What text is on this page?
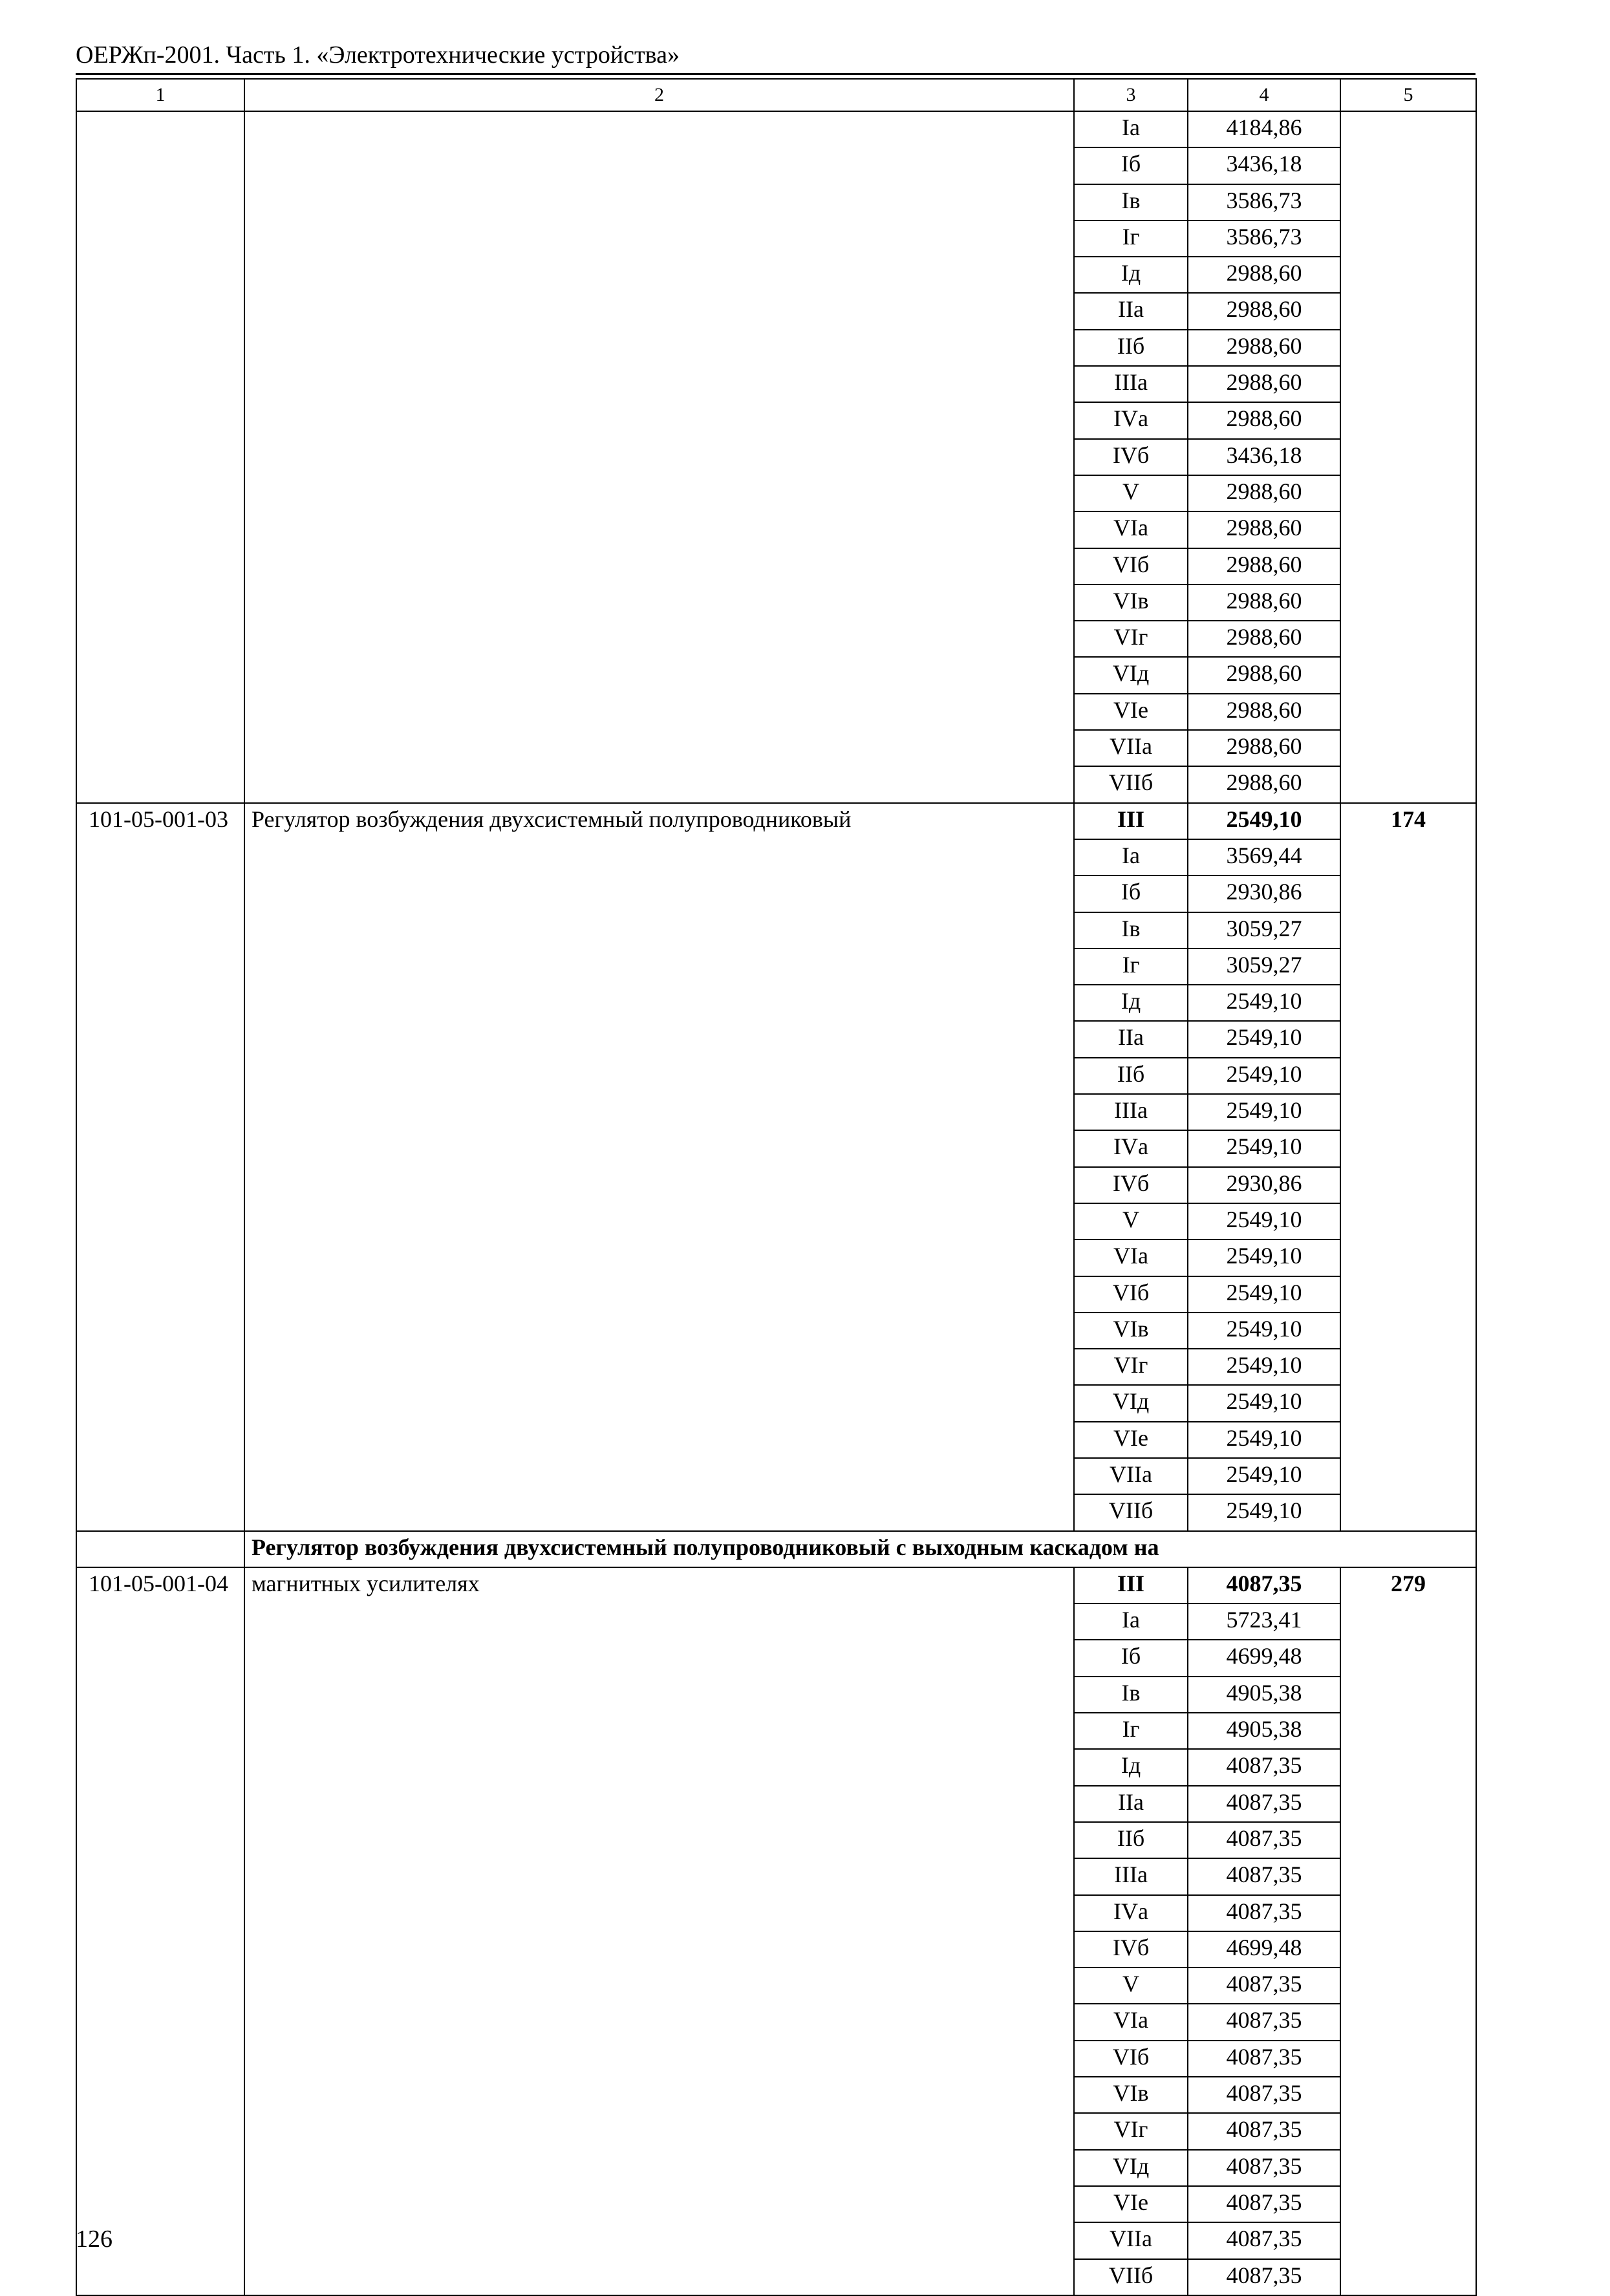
ОЕРЖп-2001. Часть 1. «Электротехнические устройства»
1	2	3	4	5
		Iа	4184,86	
		Iб	3436,18	
		Iв	3586,73	
		Iг	3586,73	
		Iд	2988,60	
		IIа	2988,60	
		IIб	2988,60	
		IIIа	2988,60	
		IVа	2988,60	
		IVб	3436,18	
		V	2988,60	
		VIа	2988,60	
		VIб	2988,60	
		VIв	2988,60	
		VIг	2988,60	
		VIд	2988,60	
		VIе	2988,60	
		VIIа	2988,60	
		VIIб	2988,60	
101-05-001-03	Регулятор возбуждения двухсистемный полупроводниковый	III	2549,10	174
		Iа	3569,44	
		Iб	2930,86	
		Iв	3059,27	
		Iг	3059,27	
		Iд	2549,10	
		IIа	2549,10	
		IIб	2549,10	
		IIIа	2549,10	
		IVа	2549,10	
		IVб	2930,86	
		V	2549,10	
		VIа	2549,10	
		VIб	2549,10	
		VIв	2549,10	
		VIг	2549,10	
		VIд	2549,10	
		VIе	2549,10	
		VIIа	2549,10	
		VIIб	2549,10	
	Регулятор возбуждения двухсистемный полупроводниковый с выходным каскадом на			
101-05-001-04	магнитных усилителях	III	4087,35	279
		Iа	5723,41	
		Iб	4699,48	
		Iв	4905,38	
		Iг	4905,38	
		Iд	4087,35	
		IIа	4087,35	
		IIб	4087,35	
		IIIа	4087,35	
		IVа	4087,35	
		IVб	4699,48	
		V	4087,35	
		VIа	4087,35	
		VIб	4087,35	
		VIв	4087,35	
		VIг	4087,35	
		VIд	4087,35	
		VIе	4087,35	
		VIIа	4087,35	
		VIIб	4087,35	
126
